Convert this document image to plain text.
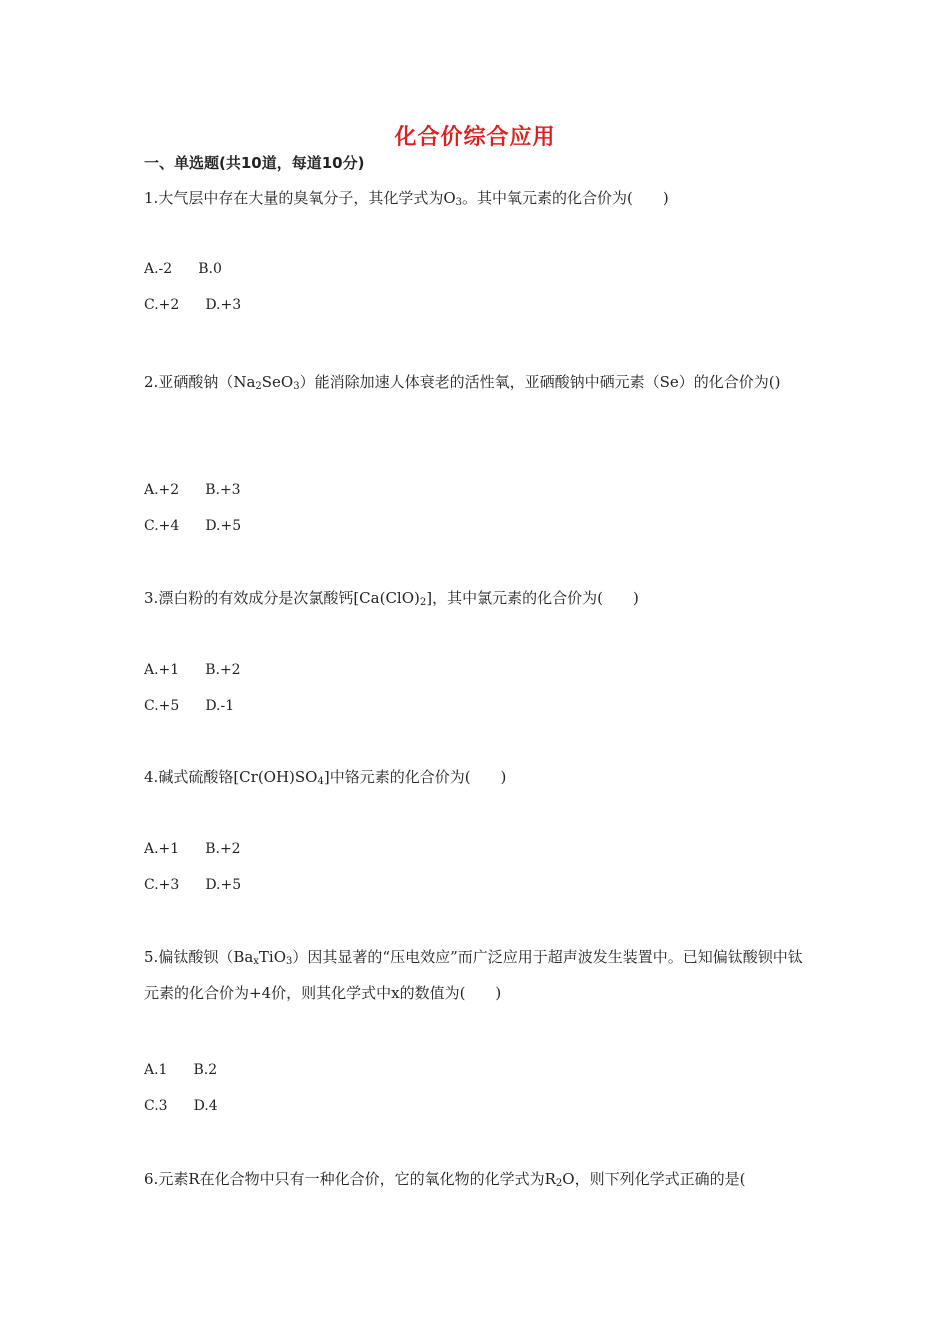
化合价综合应用
一、单选题(共10道，每道10分)
1.大气层中存在大量的臭氧分子，其化学式为$O_3$。其中氧元素的化合价为(　　)
A.-2 B.0
C.+2 D.+3
2.亚硒酸钠$(Na_2SeO_3)$能消除加速人体衰老的活性氧，亚硒酸钠中硒元素（Se）的化合价为()
A.+2 B.+3
C.+4 D.+5
3.漂白粉的有效成分是次氯酸钙$[Ca(ClO)_2]$，其中氯元素的化合价为(　　)
A.+1 B.+2
C.+5 D.-1
4.碱式硫酸铬$[Cr(OH)SO_4]$中铬元素的化合价为(　　)
A.+1 B.+2
C.+3 D.+5
5.偏钛酸钡$(Ba_xTiO_3)$因其显著的“压电效应”而广泛应用于超声波发生装置中。已知偏钛酸钡中钛元素的化合价为+4价，则其化学式中x的数值为(　　)
A.1 B.2
C.3 D.4
6.元素R在化合物中只有一种化合价，它的氧化物的化学式为$R_2O$，则下列化学式正确的是(
